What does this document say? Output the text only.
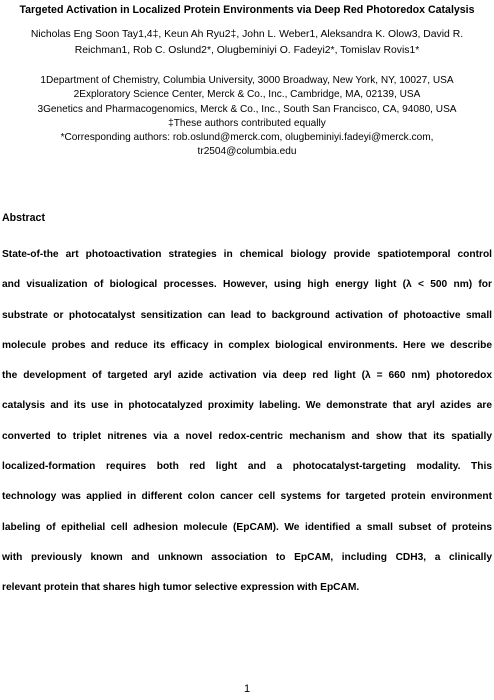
Targeted Activation in Localized Protein Environments via Deep Red Photoredox Catalysis
Nicholas Eng Soon Tay1,4‡, Keun Ah Ryu2‡, John L. Weber1, Aleksandra K. Olow3, David R.
Reichman1, Rob C. Oslund2*, Olugbeminiyi O. Fadeyi2*, Tomislav Rovis1*
1Department of Chemistry, Columbia University, 3000 Broadway, New York, NY, 10027, USA
2Exploratory Science Center, Merck & Co., Inc., Cambridge, MA, 02139, USA
3Genetics and Pharmacogenomics, Merck & Co., Inc., South San Francisco, CA, 94080, USA
‡These authors contributed equally
*Corresponding authors: rob.oslund@merck.com, olugbeminiyi.fadeyi@merck.com,
tr2504@columbia.edu
Abstract
State-of-the art photoactivation strategies in chemical biology provide spatiotemporal control
and visualization of biological processes. However, using high energy light (λ < 500 nm) for
substrate or photocatalyst sensitization can lead to background activation of photoactive small
molecule probes and reduce its efficacy in complex biological environments. Here we describe
the development of targeted aryl azide activation via deep red light (λ = 660 nm) photoredox
catalysis and its use in photocatalyzed proximity labeling. We demonstrate that aryl azides are
converted to triplet nitrenes via a novel redox-centric mechanism and show that its spatially
localized-formation requires both red light and a photocatalyst-targeting modality. This
technology was applied in different colon cancer cell systems for targeted protein environment
labeling of epithelial cell adhesion molecule (EpCAM). We identified a small subset of proteins
with previously known and unknown association to EpCAM, including CDH3, a clinically
relevant protein that shares high tumor selective expression with EpCAM.
1
